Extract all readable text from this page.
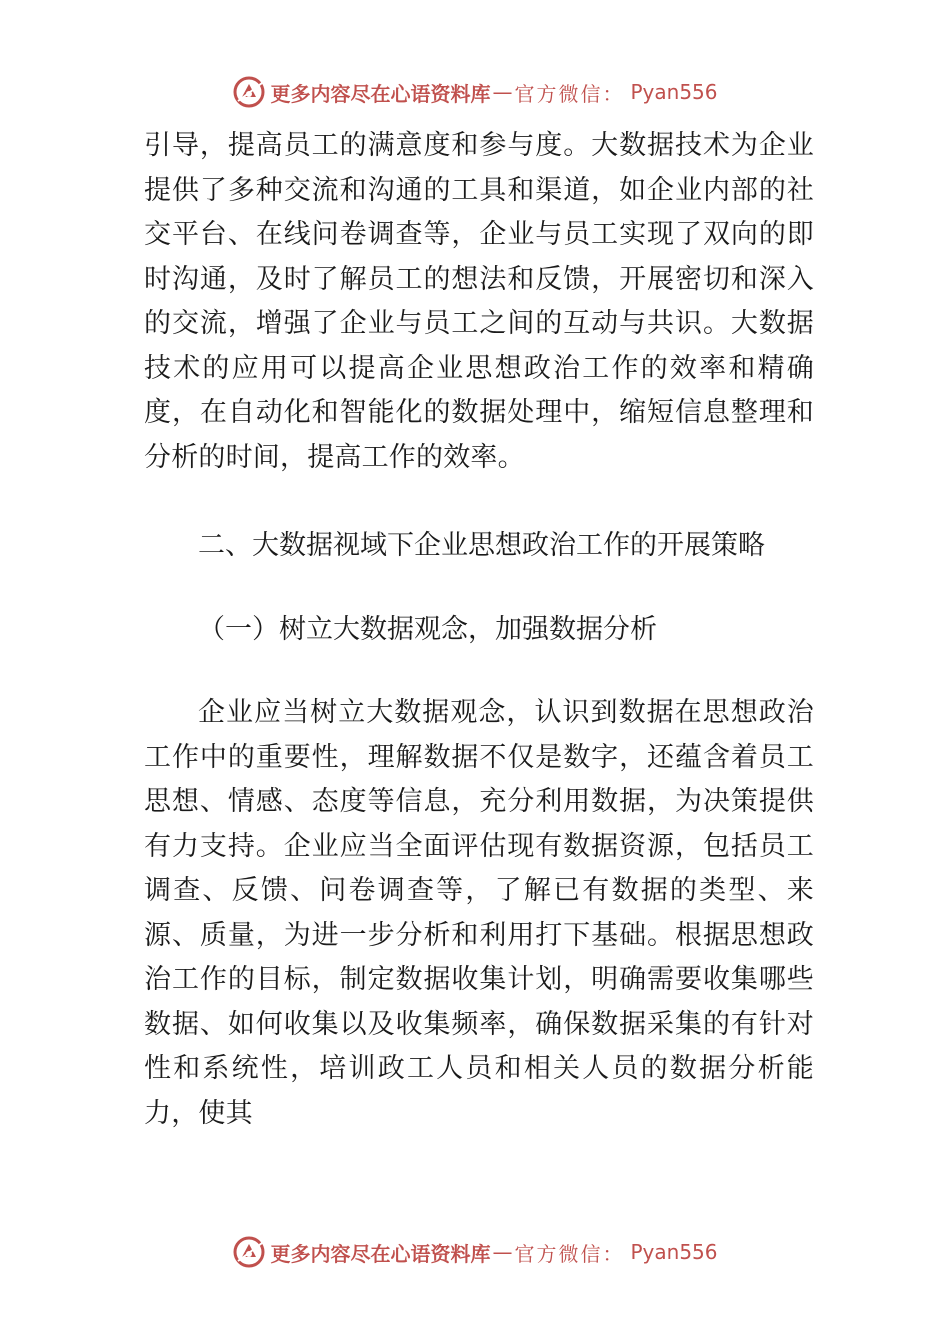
更多内容尽在心语资料库 — 官方微信： Pyan556

引导，提高员工的满意度和参与度。大数据技术为企业提供了多种交流和沟通的工具和渠道，如企业内部的社交平台、在线问卷调查等，企业与员工实现了双向的即时沟通，及时了解员工的想法和反馈，开展密切和深入的交流，增强了企业与员工之间的互动与共识。大数据技术的应用可以提高企业思想政治工作的效率和精确度，在自动化和智能化的数据处理中，缩短信息整理和分析的时间，提高工作的效率。

二、大数据视域下企业思想政治工作的开展策略

（一）树立大数据观念，加强数据分析

企业应当树立大数据观念，认识到数据在思想政治工作中的重要性，理解数据不仅是数字，还蕴含着员工思想、情感、态度等信息，充分利用数据，为决策提供有力支持。企业应当全面评估现有数据资源，包括员工调查、反馈、问卷调查等，了解已有数据的类型、来源、质量，为进一步分析和利用打下基础。根据思想政治工作的目标，制定数据收集计划，明确需要收集哪些数据、如何收集以及收集频率，确保数据采集的有针对性和系统性，培训政工人员和相关人员的数据分析能力，使其

更多内容尽在心语资料库 — 官方微信： Pyan556
